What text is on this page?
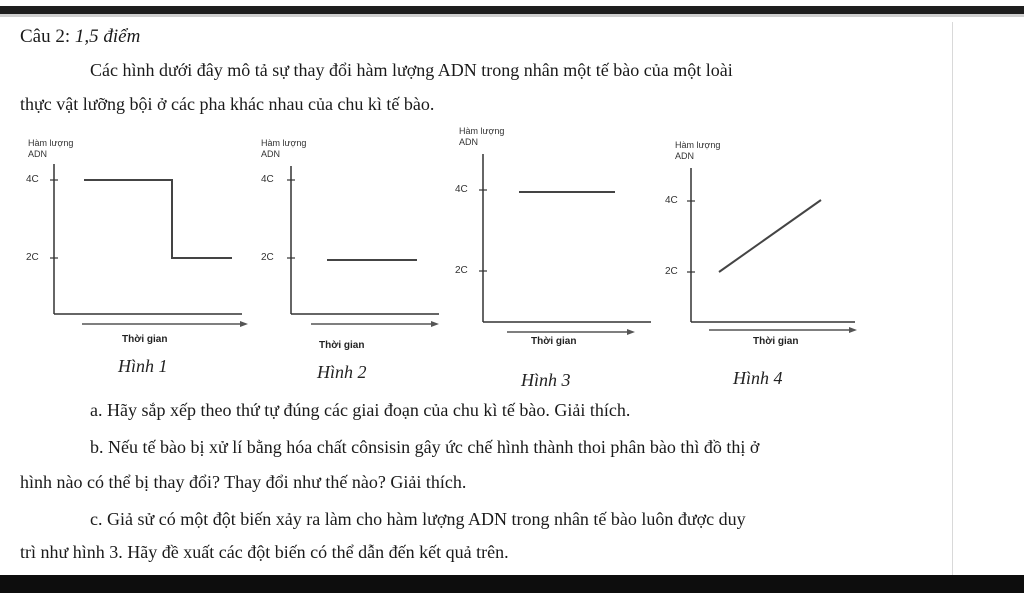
Câu 2: 1,5 điểm
Các hình dưới đây mô tả sự thay đổi hàm lượng ADN trong nhân một tế bào của một loài
thực vật lưỡng bội ở các pha khác nhau của chu kì tế bào.
Hàm lượng
ADN
4C
2C
Thời gian
Hình 1
Hàm lượng
ADN
4C
2C
Thời gian
Hình 2
Hàm lượng
ADN
4C
2C
Thời gian
Hình 3
Hàm lượng
ADN
4C
2C
Thời gian
Hình 4
a. Hãy sắp xếp theo thứ tự đúng các giai đoạn của chu kì tế bào. Giải thích.
b. Nếu tế bào bị xử lí bằng hóa chất cônsisin gây ức chế hình thành thoi phân bào thì đồ thị ở
hình nào có thể bị thay đổi? Thay đổi như thế nào? Giải thích.
c. Giả sử có một đột biến xảy ra làm cho hàm lượng ADN trong nhân tế bào luôn được duy
trì như hình 3. Hãy đề xuất các đột biến có thể dẫn đến kết quả trên.
